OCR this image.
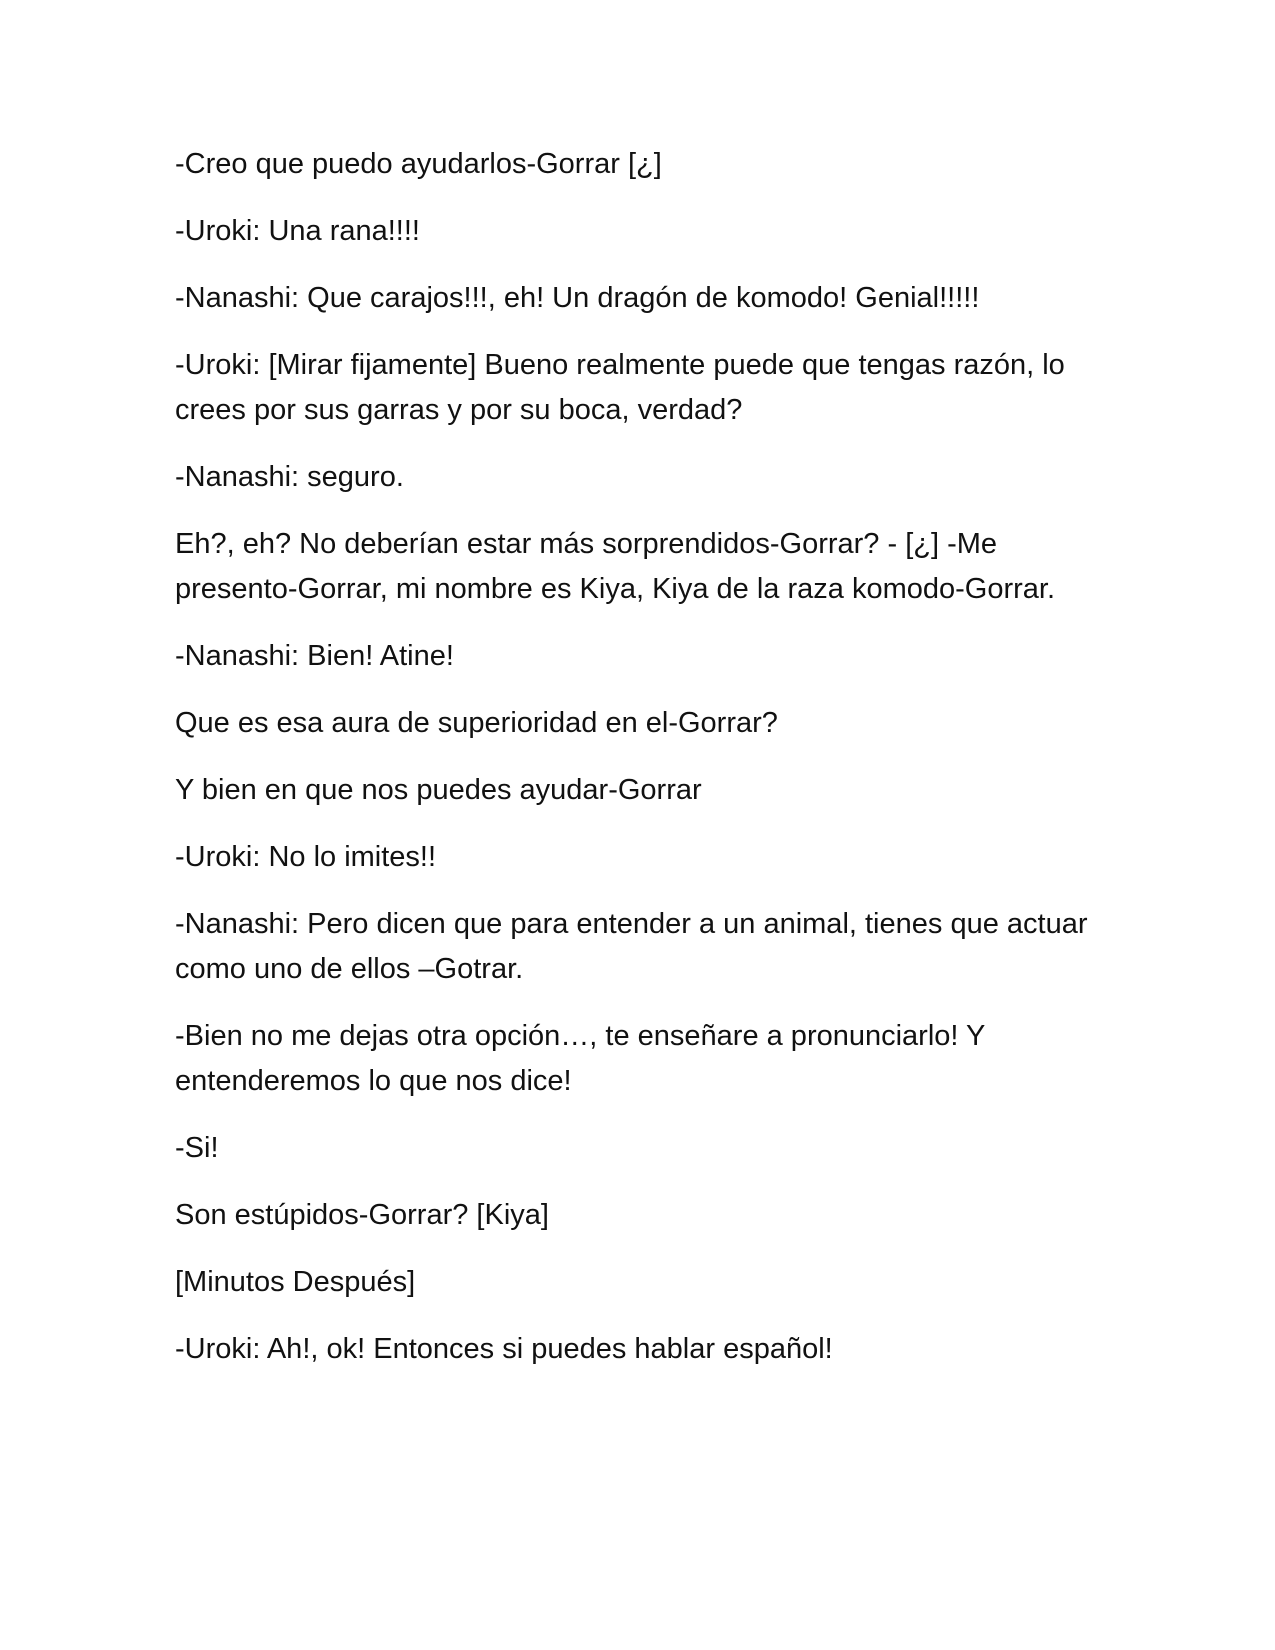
-Creo que puedo ayudarlos-Gorrar [¿]

-Uroki: Una rana!!!!

-Nanashi: Que carajos!!!, eh! Un dragón de komodo! Genial!!!!!

-Uroki: [Mirar fijamente] Bueno realmente puede que tengas razón, lo crees por sus garras y por su boca, verdad?

-Nanashi: seguro.

Eh?, eh? No deberían estar más sorprendidos-Gorrar? - [¿] -Me presento-Gorrar, mi nombre es Kiya, Kiya de la raza komodo-Gorrar.

-Nanashi: Bien! Atine!

Que es esa aura de superioridad en el-Gorrar?

Y bien en que nos puedes ayudar-Gorrar

-Uroki: No lo imites!!

-Nanashi: Pero dicen que para entender a un animal, tienes que actuar como uno de ellos –Gotrar.

-Bien no me dejas otra opción…, te enseñare a pronunciarlo! Y entenderemos lo que nos dice!

-Si!

Son estúpidos-Gorrar? [Kiya]

[Minutos Después]

-Uroki: Ah!, ok! Entonces si puedes hablar español!
